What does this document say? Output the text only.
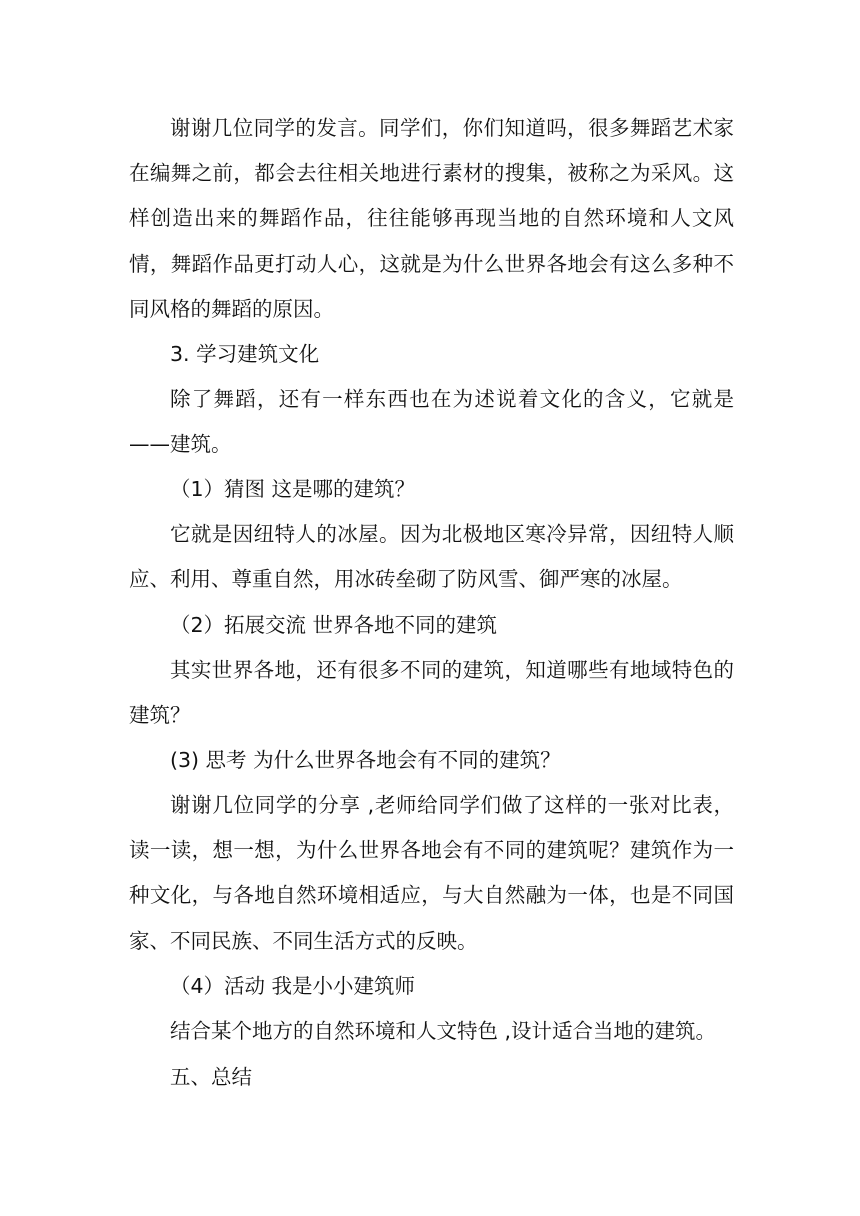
谢谢几位同学的发言。同学们，你们知道吗，很多舞蹈艺术家在编舞之前，都会去往相关地进行素材的搜集，被称之为采风。这样创造出来的舞蹈作品，往往能够再现当地的自然环境和人文风情，舞蹈作品更打动人心，这就是为什么世界各地会有这么多种不同风格的舞蹈的原因。

3. 学习建筑文化

除了舞蹈，还有一样东西也在为述说着文化的含义，它就是——建筑。

（1）猜图 这是哪的建筑？

它就是因纽特人的冰屋。因为北极地区寒冷异常，因纽特人顺应、利用、尊重自然，用冰砖垒砌了防风雪、御严寒的冰屋。

（2）拓展交流 世界各地不同的建筑

其实世界各地，还有很多不同的建筑，知道哪些有地域特色的建筑？

(3) 思考 为什么世界各地会有不同的建筑？

谢谢几位同学的分享 ,老师给同学们做了这样的一张对比表，读一读，想一想，为什么世界各地会有不同的建筑呢？建筑作为一种文化，与各地自然环境相适应，与大自然融为一体，也是不同国家、不同民族、不同生活方式的反映。

（4）活动 我是小小建筑师

结合某个地方的自然环境和人文特色 ,设计适合当地的建筑。

五、总结
